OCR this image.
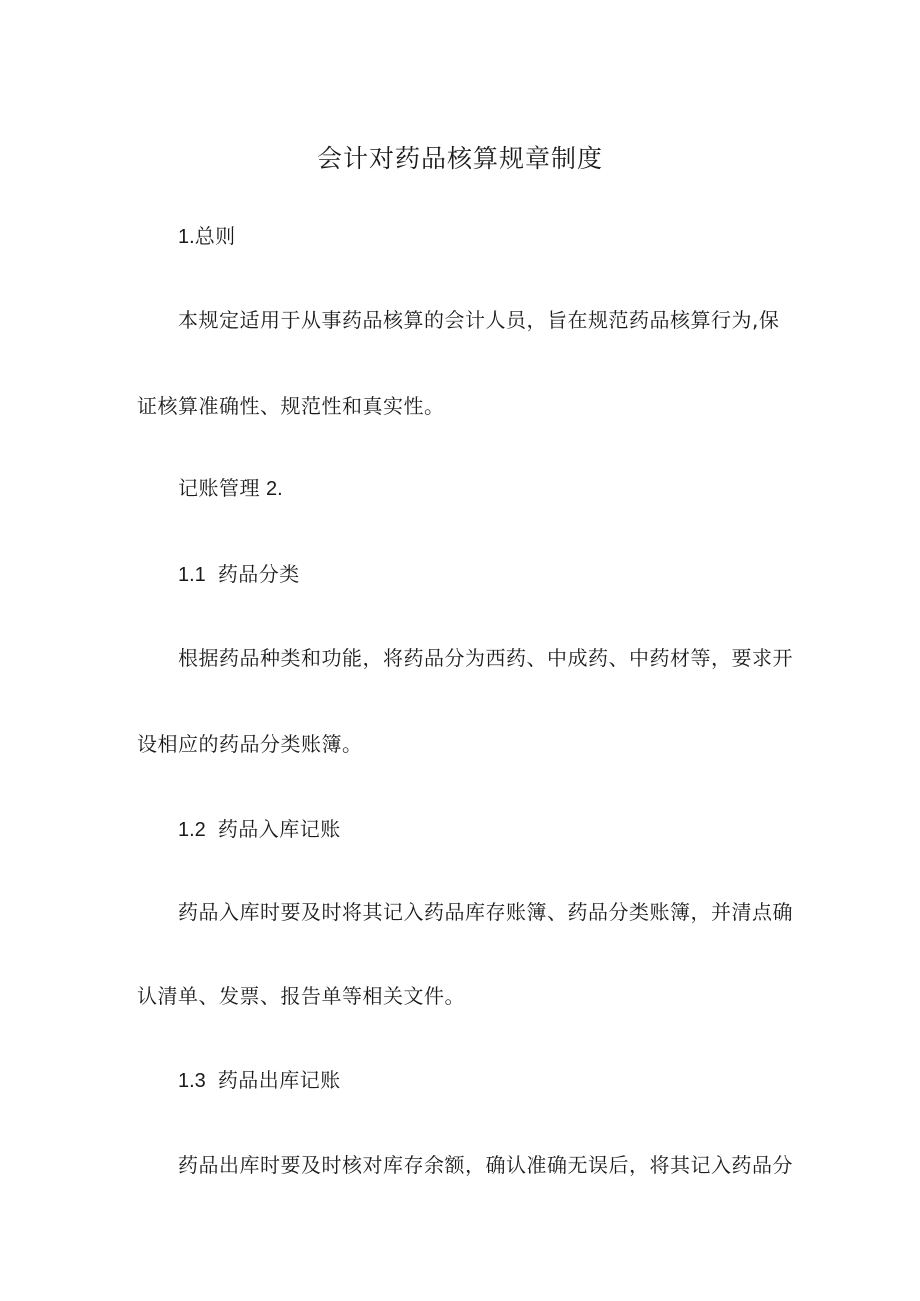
会计对药品核算规章制度
1.总则
本规定适用于从事药品核算的会计人员，旨在规范药品核算行为,保
证核算准确性、规范性和真实性。
记账管理 2.
1.1 药品分类
根据药品种类和功能，将药品分为西药、中成药、中药材等，要求开
设相应的药品分类账簿。
1.2 药品入库记账
药品入库时要及时将其记入药品库存账簿、药品分类账簿，并清点确
认清单、发票、报告单等相关文件。
1.3 药品出库记账
药品出库时要及时核对库存余额，确认准确无误后，将其记入药品分
